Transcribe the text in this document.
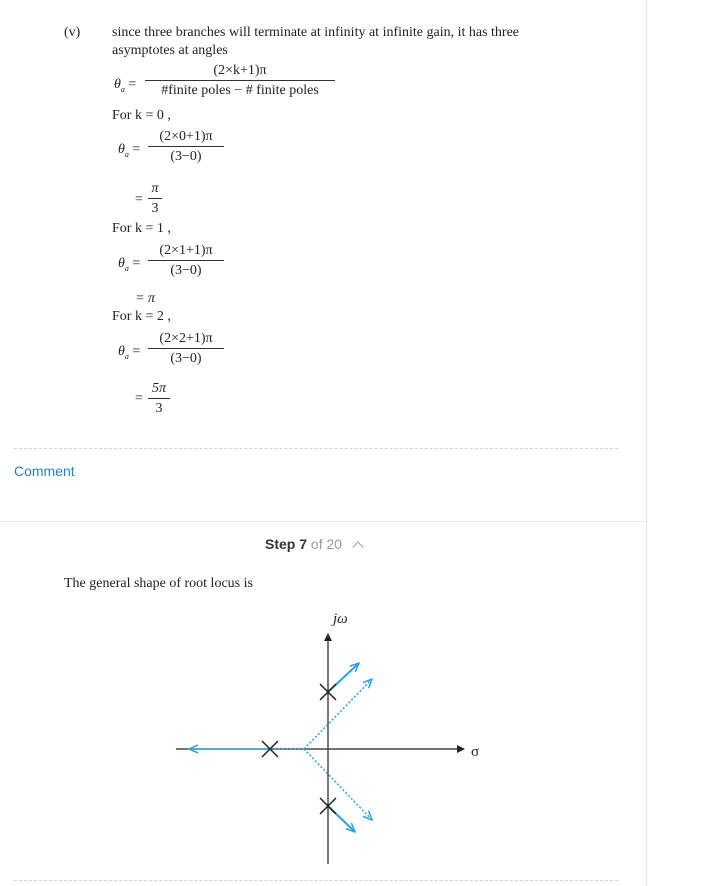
(v) since three branches will terminate at infinity at infinite gain, it has three
asymptotes at angles
$\theta_a$ =
(2×k+1)π
#finite poles − # finite poles
For k = 0 ,
$\theta_a$ =
(2×0+1)π
(3−0)
=
π
3
For k = 1 ,
$\theta_a$ =
(2×1+1)π
(3−0)
= π
For k = 2 ,
$\theta_a$ =
(2×2+1)π
(3−0)
=
5π
3
Comment
Step 7 of 20
The general shape of root locus is
jω
σ
